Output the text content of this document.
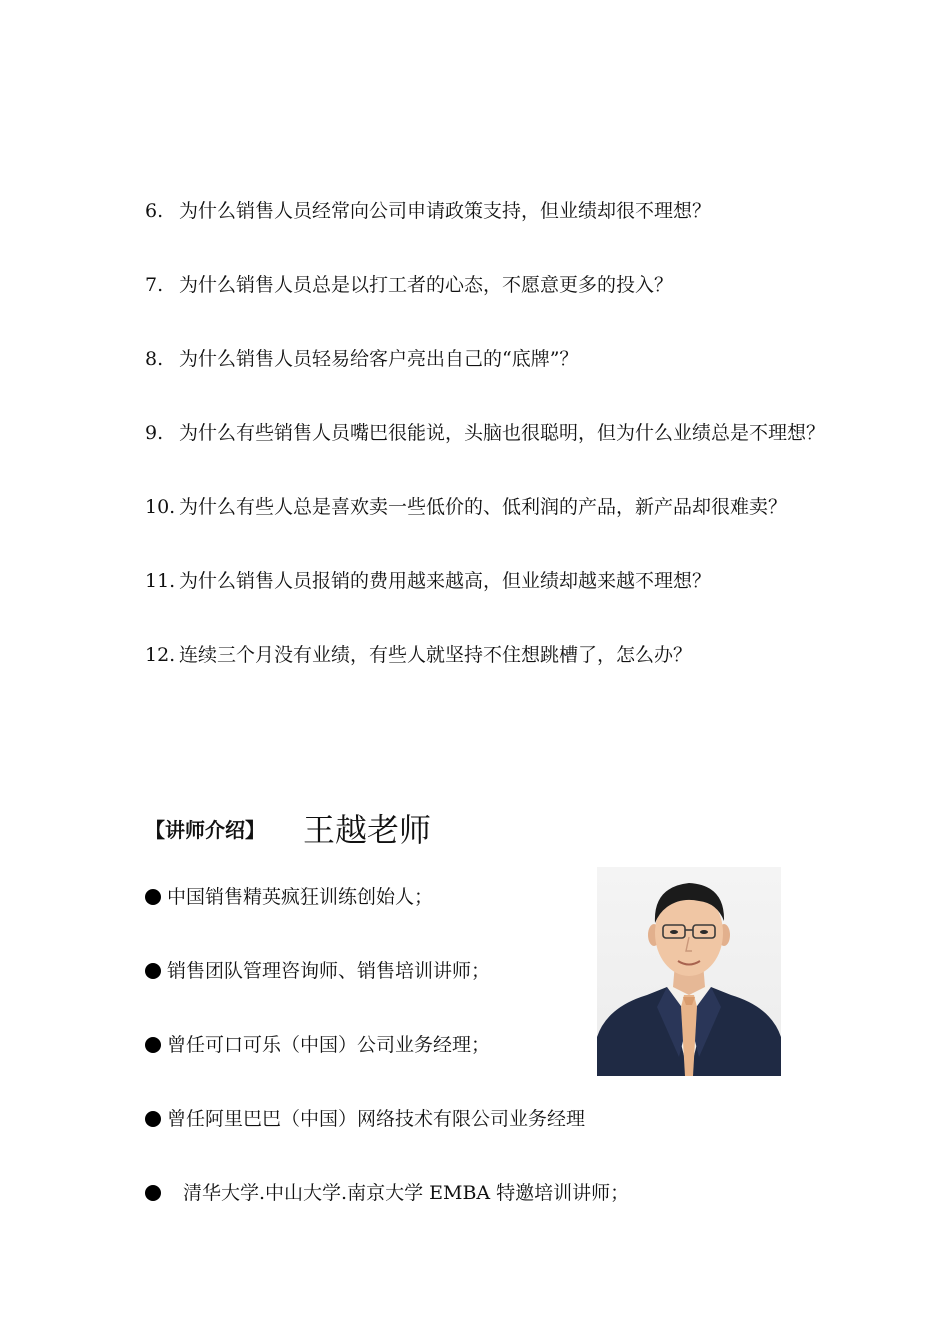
6. 为什么销售人员经常向公司申请政策支持，但业绩却很不理想？
7. 为什么销售人员总是以打工者的心态，不愿意更多的投入？
8. 为什么销售人员轻易给客户亮出自己的“底牌”？
9. 为什么有些销售人员嘴巴很能说，头脑也很聪明，但为什么业绩总是不理想？
10. 为什么有些人总是喜欢卖一些低价的、低利润的产品，新产品却很难卖？
11. 为什么销售人员报销的费用越来越高，但业绩却越来越不理想？
12. 连续三个月没有业绩，有些人就坚持不住想跳槽了，怎么办？
【讲师介绍】 王越老师
中国销售精英疯狂训练创始人；
销售团队管理咨询师、销售培训讲师；
曾任可口可乐（中国）公司业务经理；
曾任阿里巴巴（中国）网络技术有限公司业务经理
清华大学.中山大学.南京大学 EMBA 特邀培训讲师；
